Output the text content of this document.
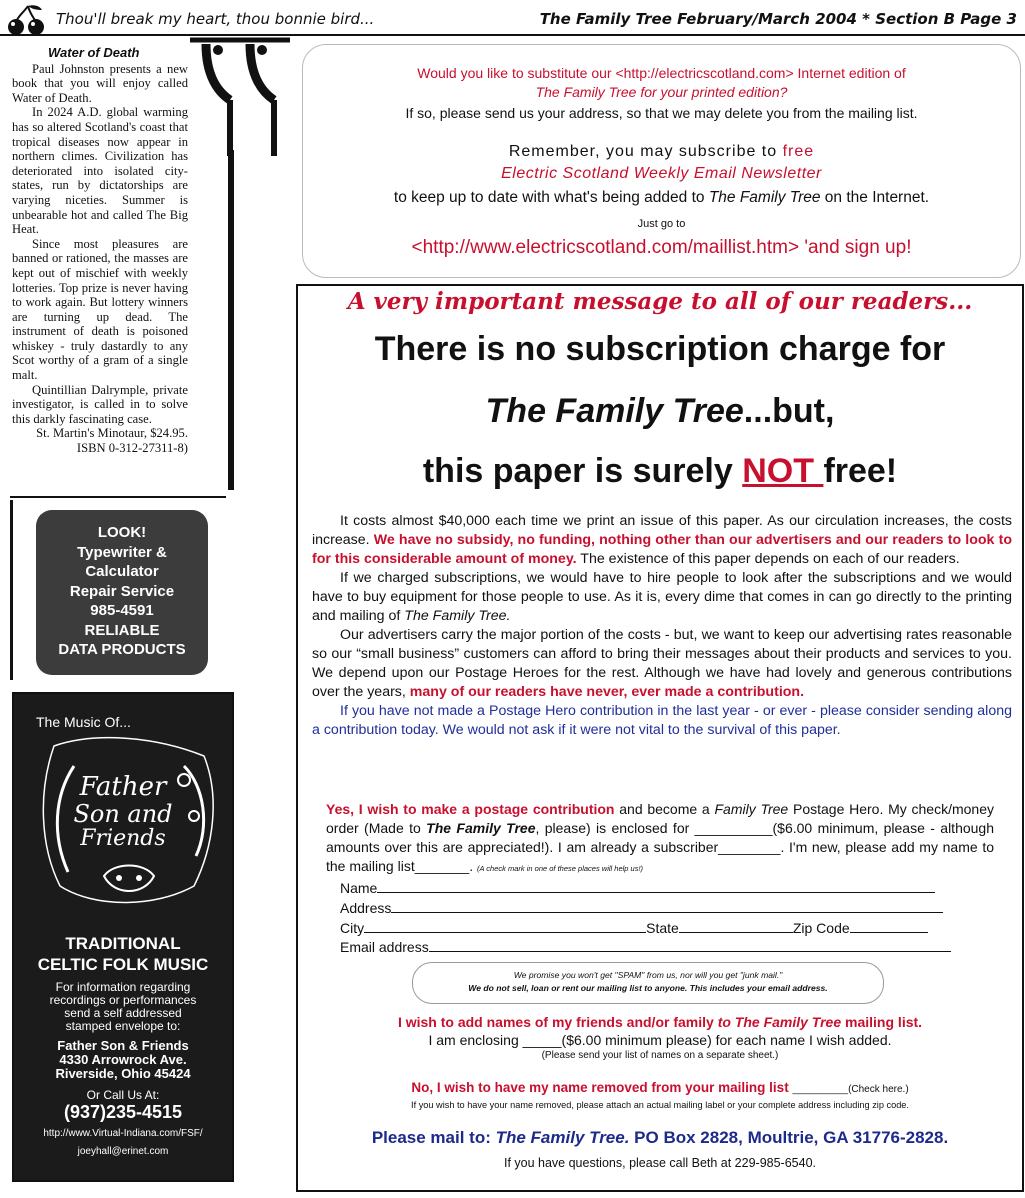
Thou'll break my heart, thou bonnie bird...	The Family Tree February/March 2004 * Section B Page 3

Water of Death

Paul Johnston presents a new book that you will enjoy called Water of Death.

In 2024 A.D. global warming has so altered Scotland's coast that tropical diseases now appear in northern climes. Civilization has deteriorated into isolated city-states, run by dictatorships are varying niceties. Summer is unbearable hot and called The Big Heat.

Since most pleasures are banned or rationed, the masses are kept out of mischief with weekly lotteries. Top prize is never having to work again. But lottery winners are turning up dead. The instrument of death is poisoned whiskey - truly dastardly to any Scot worthy of a gram of a single malt.

Quintillian Dalrymple, private investigator, is called in to solve this darkly fascinating case.

St. Martin's Minotaur, $24.95. ISBN 0-312-27311-8)

LOOK!
Typewriter &
Calculator
Repair Service
985-4591
RELIABLE
DATA PRODUCTS
The Music Of...
Father
Son and
Friends
TRADITIONAL
CELTIC FOLK MUSIC
For information regarding
recordings or performances
send a self addressed
stamped envelope to:
Father Son & Friends
4330 Arrowrock Ave.
Riverside, Ohio 45424
Or Call Us At:
(937)235-4515
http://www.Virtual-Indiana.com/FSF/
joeyhall@erinet.com
Would you like to substitute our <http://electricscotland.com> Internet edition of
The Family Tree for your printed edition?
If so, please send us your address, so that we may delete you from the mailing list.
Remember, you may subscribe to free
Electric Scotland Weekly Email Newsletter
to keep up to date with what's being added to The Family Tree on the Internet.
Just go to
<http://www.electricscotland.com/maillist.htm> 'and sign up!
A very important message to all of our readers...
There is no subscription charge for
The Family Tree...but,
this paper is surely NOT free!

It costs almost $40,000 each time we print an issue of this paper. As our circulation increases, the costs increase. We have no subsidy, no funding, nothing other than our advertisers and our readers to look to for this considerable amount of money. The existence of this paper depends on each of our readers.

If we charged subscriptions, we would have to hire people to look after the subscriptions and we would have to buy equipment for those people to use. As it is, every dime that comes in can go directly to the printing and mailing of The Family Tree.

Our advertisers carry the major portion of the costs - but, we want to keep our advertising rates reasonable so our “small business” customers can afford to bring their messages about their products and services to you. We depend upon our Postage Heroes for the rest. Although we have had lovely and generous contributions over the years, many of our readers have never, ever made a contribution.

If you have not made a Postage Hero contribution in the last year - or ever - please consider sending along a contribution today. We would not ask if it were not vital to the survival of this paper.

Yes, I wish to make a postage contribution and become a Family Tree Postage Hero. My check/money order (Made to The Family Tree, please) is enclosed for __________($6.00 minimum, please - although amounts over this are appreciated!). I am already a subscriber________. I'm new, please add my name to the mailing list_______. (A check mark in one of these places will help us!)
Name
Address
City	State	Zip Code
Email address
We promise you won't get "SPAM" from us, nor will you get "junk mail."
We do not sell, loan or rent our mailing list to anyone. This includes your email address.
I wish to add names of my friends and/or family to The Family Tree mailing list.
I am enclosing _____($6.00 minimum please) for each name I wish added.
(Please send your list of names on a separate sheet.)
No, I wish to have my name removed from your mailing list __________(Check here.)
If you wish to have your name removed, please attach an actual mailing label or your complete address including zip code.
Please mail to: The Family Tree. PO Box 2828, Moultrie, GA 31776-2828.
If you have questions, please call Beth at 229-985-6540.
